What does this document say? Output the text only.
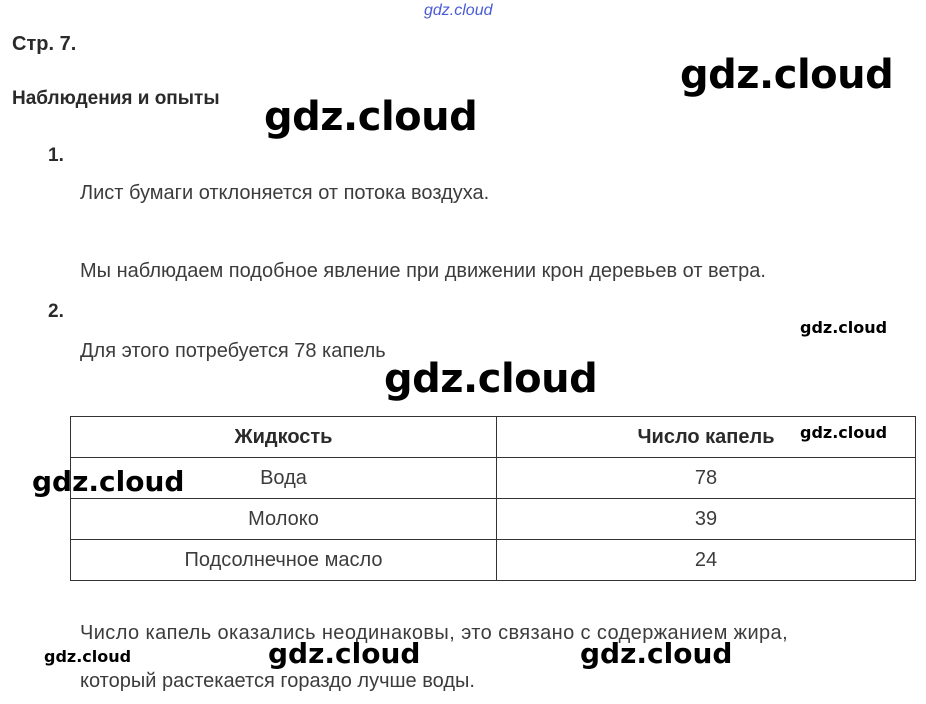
gdz.cloud
Стр. 7.
Наблюдения и опыты
1.
Лист бумаги отклоняется от потока воздуха.
Мы наблюдаем подобное явление при движении крон деревьев от ветра.
2.
Для этого потребуется 78 капель
Жидкость	Число капель
Вода	78
Молоко	39
Подсолнечное масло	24
Число капель оказались неодинаковы, это связано с содержанием жира,
который растекается гораздо лучше воды.
gdz.cloud
gdz.cloud
gdz.cloud
gdz.cloud
gdz.cloud
gdz.cloud
gdz.cloud	gdz.cloud	gdz.cloud
